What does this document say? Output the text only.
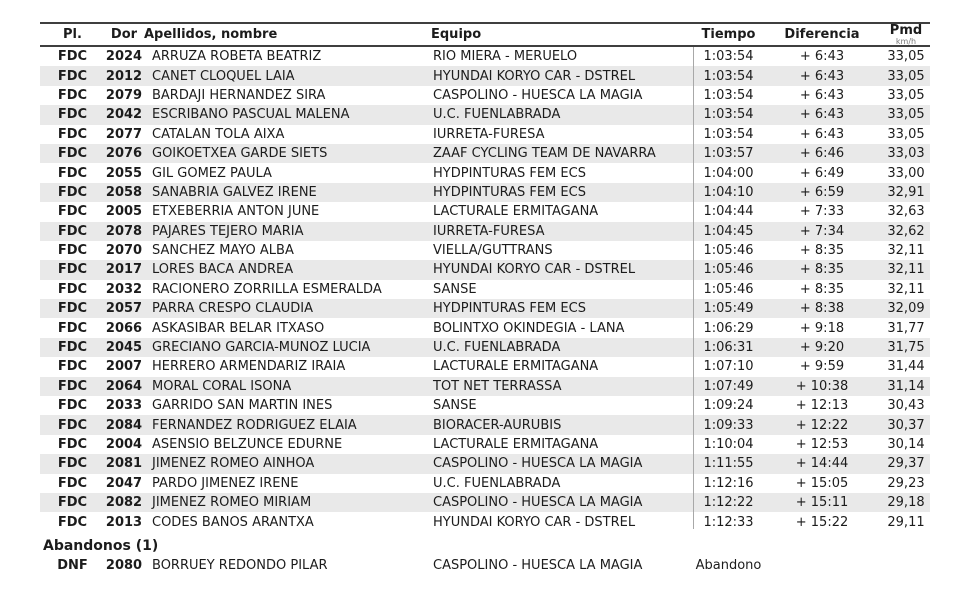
Pl.	Dor Apellidos, nombre	Equipo	Tiempo	Diferencia	Pmd
km/h
FDC	2024 ARRUZA ROBETA BEATRIZ	RIO MIERA - MERUELO	1:03:54	+ 6:43	33,05
FDC	2012 CANET CLOQUEL LAIA	HYUNDAI KORYO CAR - DSTREL	1:03:54	+ 6:43	33,05
FDC	2079 BARDAJI HERNANDEZ SIRA	CASPOLINO - HUESCA LA MAGIA	1:03:54	+ 6:43	33,05
FDC	2042 ESCRIBANO PASCUAL MALENA	U.C. FUENLABRADA	1:03:54	+ 6:43	33,05
FDC	2077 CATALAN TOLA AIXA	IURRETA-FURESA	1:03:54	+ 6:43	33,05
FDC	2076 GOIKOETXEA GARDE SIETS	ZAAF CYCLING TEAM DE NAVARRA	1:03:57	+ 6:46	33,03
FDC	2055 GIL GOMEZ PAULA	HYDPINTURAS FEM ECS	1:04:00	+ 6:49	33,00
FDC	2058 SANABRIA GALVEZ IRENE	HYDPINTURAS FEM ECS	1:04:10	+ 6:59	32,91
FDC	2005 ETXEBERRIA ANTON JUNE	LACTURALE ERMITAGAÑA	1:04:44	+ 7:33	32,63
FDC	2078 PAJARES TEJERO MARIA	IURRETA-FURESA	1:04:45	+ 7:34	32,62
FDC	2070 SANCHEZ MAYO ALBA	VIELLA/GUTTRANS	1:05:46	+ 8:35	32,11
FDC	2017 LORES BACA ANDREA	HYUNDAI KORYO CAR - DSTREL	1:05:46	+ 8:35	32,11
FDC	2032 RACIONERO ZORRILLA ESMERALDA	SANSE	1:05:46	+ 8:35	32,11
FDC	2057 PARRA CRESPO CLAUDIA	HYDPINTURAS FEM ECS	1:05:49	+ 8:38	32,09
FDC	2066 ASKASIBAR BELAR ITXASO	BOLINTXO OKINDEGIA - LANA	1:06:29	+ 9:18	31,77
FDC	2045 GRECIANO GARCIA-MUÑOZ LUCIA	U.C. FUENLABRADA	1:06:31	+ 9:20	31,75
FDC	2007 HERRERO ARMENDARIZ IRAIA	LACTURALE ERMITAGAÑA	1:07:10	+ 9:59	31,44
FDC	2064 MORAL CORAL ISONA	TOT NET TERRASSA	1:07:49	+ 10:38	31,14
FDC	2033 GARRIDO SAN MARTIN INES	SANSE	1:09:24	+ 12:13	30,43
FDC	2084 FERNANDEZ RODRIGUEZ ELAIA	BIORACER-AURUBIS	1:09:33	+ 12:22	30,37
FDC	2004 ASENSIO BELZUNCE EDURNE	LACTURALE ERMITAGAÑA	1:10:04	+ 12:53	30,14
FDC	2081 JIMENEZ ROMEO AINHOA	CASPOLINO - HUESCA LA MAGIA	1:11:55	+ 14:44	29,37
FDC	2047 PARDO JIMENEZ IRENE	U.C. FUENLABRADA	1:12:16	+ 15:05	29,23
FDC	2082 JIMENEZ ROMEO MIRIAM	CASPOLINO - HUESCA LA MAGIA	1:12:22	+ 15:11	29,18
FDC	2013 CODES BAÑOS ARANTXA	HYUNDAI KORYO CAR - DSTREL	1:12:33	+ 15:22	29,11
Abandonos (1)
DNF	2080 BORRUEY REDONDO PILAR	CASPOLINO - HUESCA LA MAGIA	Abandono
